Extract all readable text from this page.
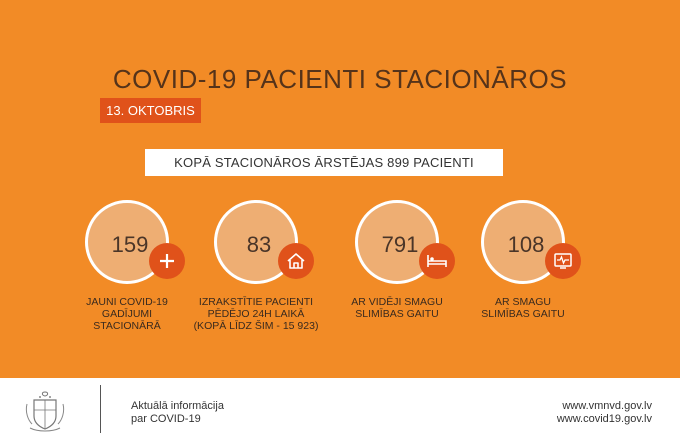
COVID-19 PACIENTI STACIONĀROS
13. OKTOBRIS
KOPĀ STACIONĀROS ĀRSTĒJAS 899 PACIENTI
159
JAUNI COVID-19
GADĪJUMI
STACIONĀRĀ
83
IZRAKSTĪTIE PACIENTI
PĒDĒJO 24H LAIKĀ
(KOPĀ LĪDZ ŠIM - 15 923)
791
AR VIDĒJI SMAGU
SLIMĪBAS GAITU
108
AR SMAGU
SLIMĪBAS GAITU
Aktuālā informācija
par COVID-19
www.vmnvd.gov.lv
www.covid19.gov.lv
